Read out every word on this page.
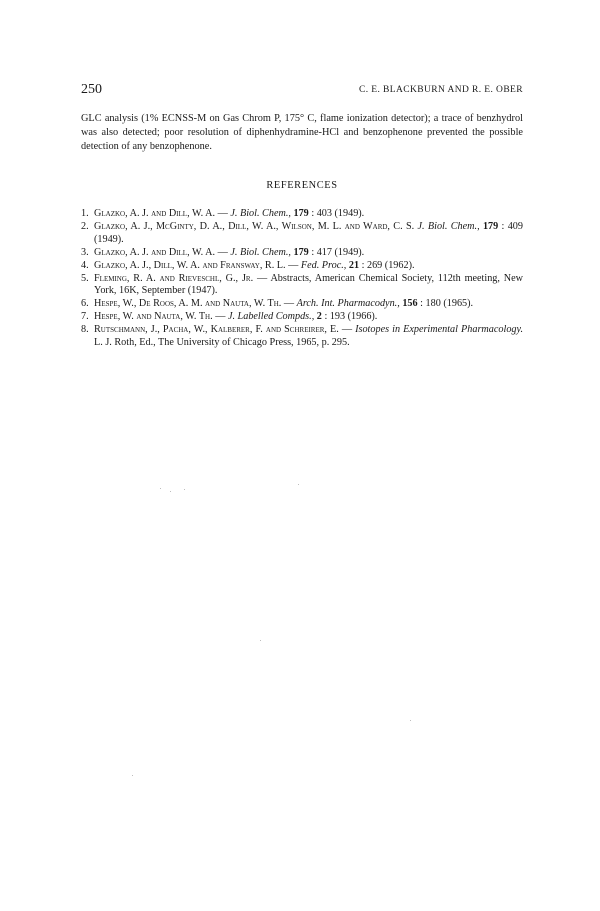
250	C. E. BLACKBURN AND R. E. OBER

GLC analysis (1% ECNSS-M on Gas Chrom P, 175° C, flame ionization detector); a trace of benzhydrol was also detected; poor resolution of diphenhydramine-HCl and benzophenone prevented the possible detection of any benzophenone.

REFERENCES
1. Glazko, A. J. and Dill, W. A. — J. Biol. Chem., 179 : 403 (1949).
2. Glazko, A. J., McGinty, D. A., Dill, W. A., Wilson, M. L. and Ward, C. S. J. Biol. Chem., 179 : 409 (1949).
3. Glazko, A. J. and Dill, W. A. — J. Biol. Chem., 179 : 417 (1949).
4. Glazko, A. J., Dill, W. A. and Fransway, R. L. — Fed. Proc., 21 : 269 (1962).
5. Fleming, R. A. and Rieveschl, G., Jr. — Abstracts, American Chemical Society, 112th meeting, New York, 16K, September (1947).
6. Hespe, W., De Roos, A. M. and Nauta, W. Th. — Arch. Int. Pharmacodyn., 156 : 180 (1965).
7. Hespe, W. and Nauta, W. Th. — J. Labelled Compds., 2 : 193 (1966).
8. Rutschmann, J., Pacha, W., Kalberer, F. and Schreirer, E. — Isotopes in Experimental Pharmacology. L. J. Roth, Ed., The University of Chicago Press, 1965, p. 295.
